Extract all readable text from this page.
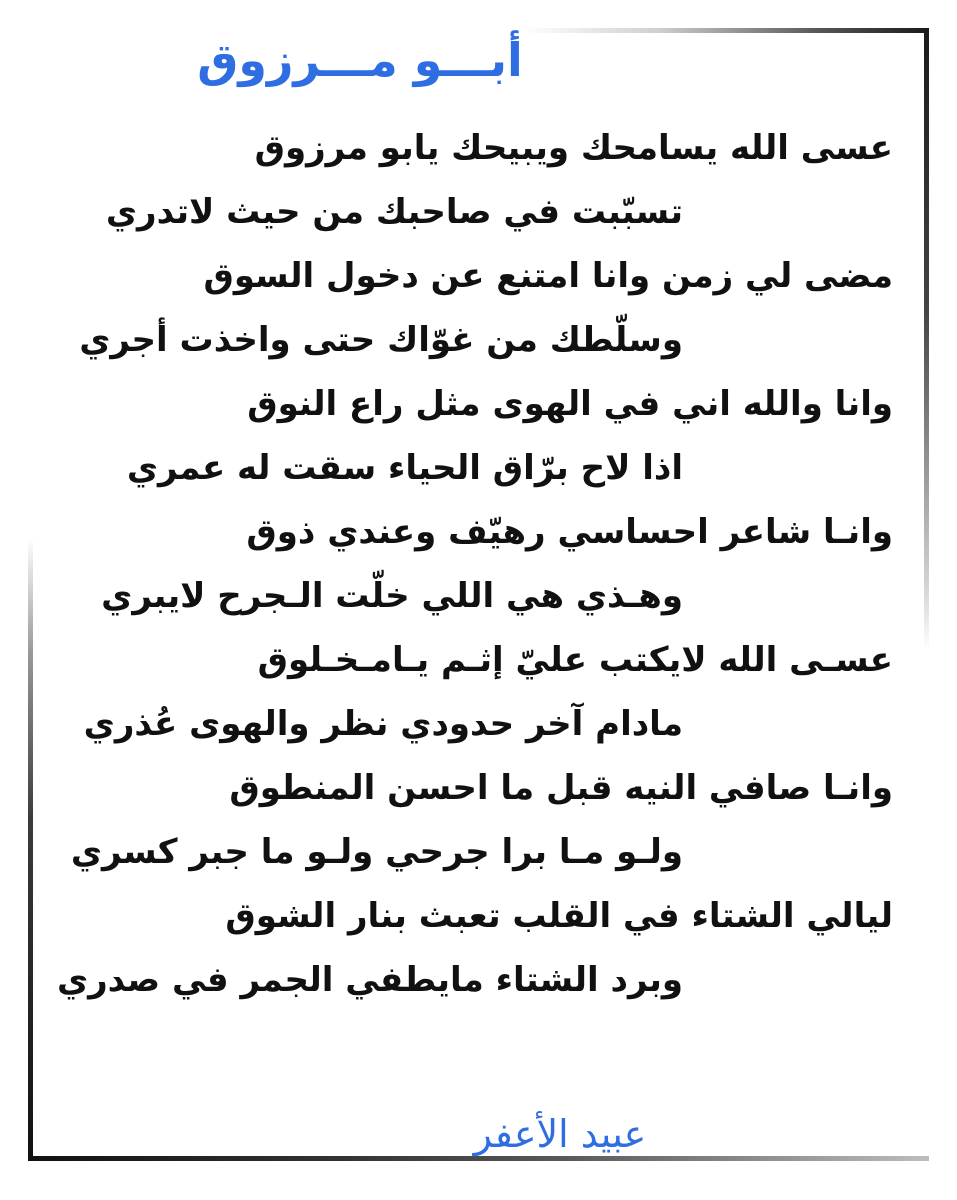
أبـــو مـــرزوق
عسى الله يسامحك ويبيحك يابو مرزوق
تسبّبت في صاحبك من حيث لاتدري
مضى لي زمن وانا امتنع عن دخول السوق
وسلّطك من غوّاك حتى واخذت أجري
وانا والله اني في الهوى مثل راع النوق
اذا لاح برّاق الحياء سقت له عمري
وانـا شاعر احساسي رهيّف وعندي ذوق
وهـذي هي اللي خلّت الـجرح لايبري
عسـى الله لايكتب عليّ إثـم يـامـخـلوق
مادام آخر حدودي نظر والهوى عُذري
وانـا صافي النيه قبل ما احسن المنطوق
ولـو مـا برا جرحي ولـو ما جبر كسري
ليالي الشتاء في القلب تعبث بنار الشوق
وبرد الشتاء مايطفي الجمر في صدري
عبيد الأعفر
